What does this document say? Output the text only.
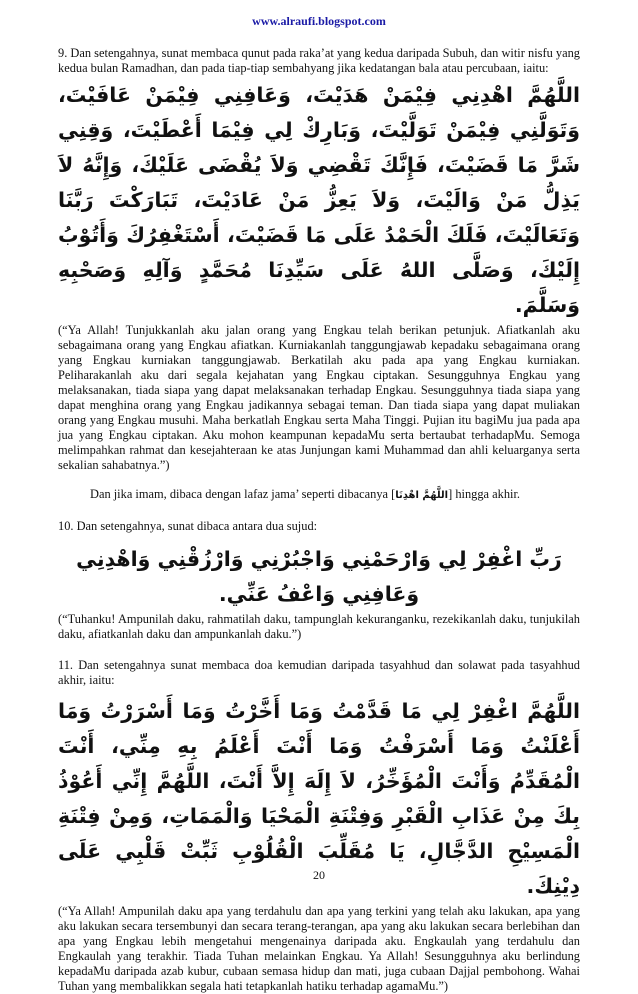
www.alraufi.blogspot.com

9. Dan setengahnya, sunat membaca qunut pada raka’at yang kedua daripada Subuh, dan witir nisfu yang kedua bulan Ramadhan, dan pada tiap-tiap sembahyang jika kedatangan bala atau percubaan, iaitu:

اللَّهُمَّ اهْدِنِي فِيْمَنْ هَدَيْتَ، وَعَافِنِي فِيْمَنْ عَافَيْتَ، وَتَوَلَّنِي فِيْمَنْ تَوَلَّيْتَ، وَبَارِكْ لِي فِيْمَا أَعْطَيْتَ، وَقِنِي شَرَّ مَا قَضَيْتَ، فَإِنَّكَ تَقْضِي وَلاَ يُقْضَى عَلَيْكَ، وَإِنَّهُ لاَ يَذِلُّ مَنْ وَالَيْتَ، وَلاَ يَعِزُّ مَنْ عَادَيْتَ، تَبَارَكْتَ رَبَّنَا وَتَعَالَيْتَ، فَلَكَ الْحَمْدُ عَلَى مَا قَضَيْتَ، أَسْتَغْفِرُكَ وَأَتُوْبُ إِلَيْكَ، وَصَلَّى اللهُ عَلَى سَيِّدِنَا مُحَمَّدٍ وَآلِهِ وَصَحْبِهِ وَسَلَّمَ.

(“Ya Allah! Tunjukkanlah aku jalan orang yang Engkau telah berikan petunjuk. Afiatkanlah aku sebagaimana orang yang Engkau afiatkan. Kurniakanlah tanggungjawab kepadaku sebagaimana orang yang Engkau kurniakan tanggungjawab. Berkatilah aku pada apa yang Engkau kurniakan. Peliharakanlah aku dari segala kejahatan yang Engkau ciptakan. Sesungguhnya Engkau yang melaksanakan, tiada siapa yang dapat melaksanakan terhadap Engkau. Sesungguhnya tiada siapa yang dapat menghina orang yang Engkau jadikannya sebagai teman. Dan tiada siapa yang dapat muliakan orang yang Engkau musuhi. Maha berkatlah Engkau serta Maha Tinggi. Pujian itu bagiMu jua pada apa jua yang Engkau ciptakan. Aku mohon keampunan kepadaMu serta bertaubat terhadapMu. Semoga melimpahkan rahmat dan kesejahteraan ke atas Junjungan kami Muhammad dan ahli keluarganya serta sekalian sahabatnya.”)

Dan jika imam, dibaca dengan lafaz jama’ seperti dibacanya [اللَّهُمَّ اهْدِنَا] hingga akhir.

10. Dan setengahnya, sunat dibaca antara dua sujud:

رَبِّ اغْفِرْ لِي وَارْحَمْنِي وَاجْبُرْنِي وَارْزُقْنِي وَاهْدِنِي وَعَافِنِي وَاعْفُ عَنِّي.

(“Tuhanku! Ampunilah daku, rahmatilah daku, tampunglah kekuranganku, rezekikanlah daku, tunjukilah daku, afiatkanlah daku dan ampunkanlah daku.”)

11. Dan setengahnya sunat membaca doa kemudian daripada tasyahhud dan solawat pada tasyahhud akhir, iaitu:

اللَّهُمَّ اغْفِرْ لِي مَا قَدَّمْتُ وَمَا أَخَّرْتُ وَمَا أَسْرَرْتُ وَمَا أَعْلَنْتُ وَمَا أَسْرَفْتُ وَمَا أَنْتَ أَعْلَمُ بِهِ مِنِّي، أَنْتَ الْمُقَدِّمُ وَأَنْتَ الْمُؤَخِّرُ، لاَ إِلَهَ إِلاَّ أَنْتَ، اللَّهُمَّ إِنِّي أَعُوْذُ بِكَ مِنْ عَذَابِ الْقَبْرِ وَفِتْنَةِ الْمَحْيَا وَالْمَمَاتِ، وَمِنْ فِتْنَةِ الْمَسِيْحِ الدَّجَّالِ، يَا مُقَلِّبَ الْقُلُوْبِ ثَبِّتْ قَلْبِي عَلَى دِيْنِكَ.

(“Ya Allah! Ampunilah daku apa yang terdahulu dan apa yang terkini yang telah aku lakukan, apa yang aku lakukan secara tersembunyi dan secara terang-terangan, apa yang aku lakukan secara berlebihan dan apa yang Engkau lebih mengetahui mengenainya daripada aku. Engkaulah yang terdahulu dan Engkaulah yang terakhir. Tiada Tuhan melainkan Engkau. Ya Allah! Sesungguhnya aku berlindung kepadaMu daripada azab kubur, cubaan semasa hidup dan mati, juga cubaan Dajjal pembohong. Wahai Tuhan yang membalikkan segala hati tetapkanlah hatiku terhadap agamaMu.”)

20
